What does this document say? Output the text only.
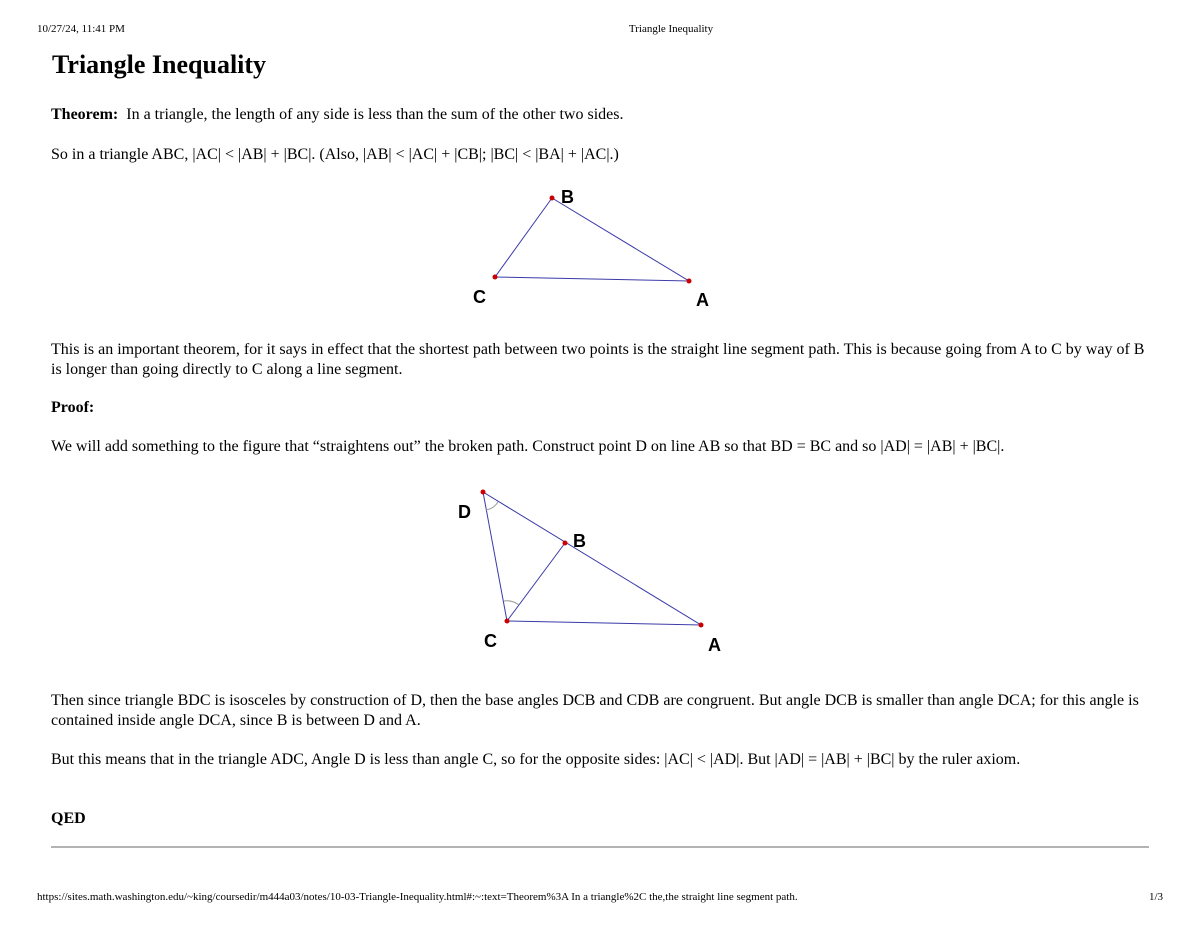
10/27/24, 11:41 PM	Triangle Inequality
Triangle Inequality

Theorem: In a triangle, the length of any side is less than the sum of the other two sides.

So in a triangle ABC, |AC| < |AB| + |BC|. (Also, |AB| < |AC| + |CB|; |BC| < |BA| + |AC|.)

B
C	A

This is an important theorem, for it says in effect that the shortest path between two points is the straight line segment path. This is because going from A to C by way of B is longer than going directly to C along a line segment.

Proof:

We will add something to the figure that “straightens out” the broken path. Construct point D on line AB so that BD = BC and so |AD| = |AB| + |BC|.

D
B
C	A

Then since triangle BDC is isosceles by construction of D, then the base angles DCB and CDB are congruent. But angle DCB is smaller than angle DCA; for this angle is contained inside angle DCA, since B is between D and A.

But this means that in the triangle ADC, Angle D is less than angle C, so for the opposite sides: |AC| < |AD|. But |AD| = |AB| + |BC| by the ruler axiom.

QED

https://sites.math.washington.edu/~king/coursedir/m444a03/notes/10-03-Triangle-Inequality.html#:~:text=Theorem%3A In a triangle%2C the,the straight line segment path.	1/3
